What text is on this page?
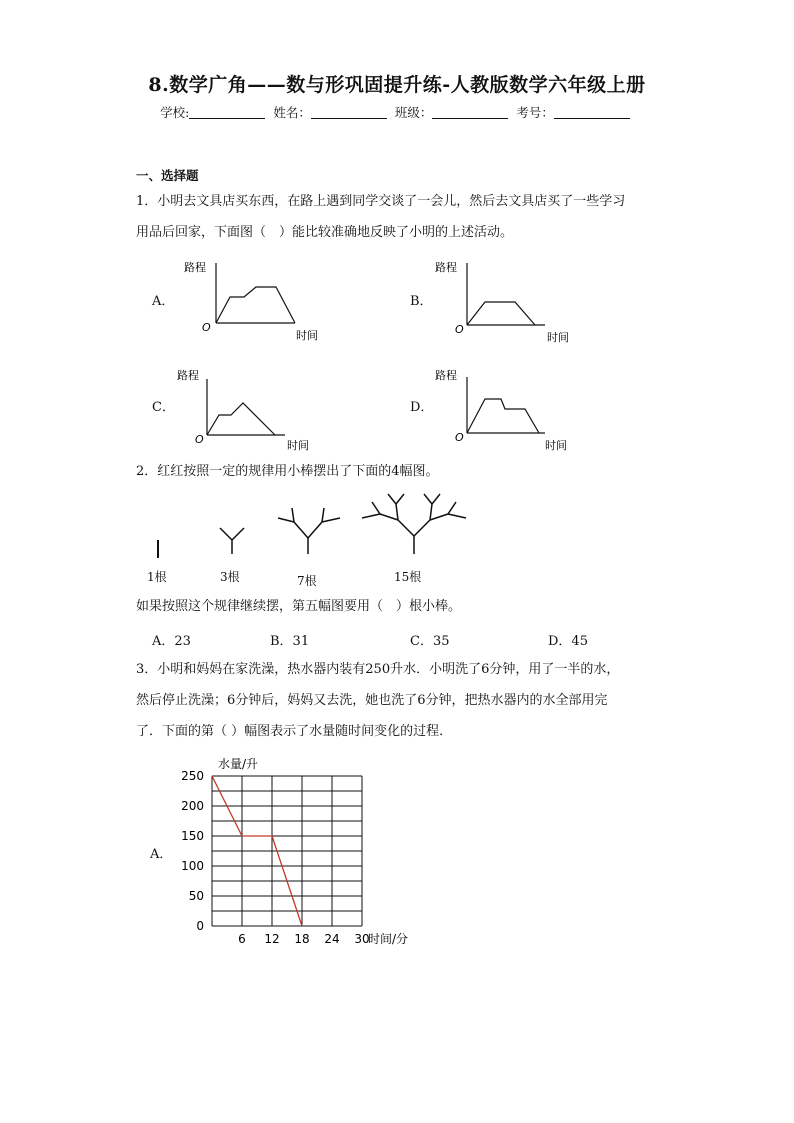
8.数学广角——数与形巩固提升练-人教版数学六年级上册
学校:	姓名：	班级：	考号：
一、选择题
1．小明去文具店买东西，在路上遇到同学交谈了一会儿，然后去文具店买了一些学习
用品后回家，下面图（　）能比较准确地反映了小明的上述活动。
A．	B．
C．	D．
路程
O
时间
路程
O
时间
路程
O	时间
路程
O
时间
2．红红按照一定的规律用小棒摆出了下面的4幅图。
1根	3根	7根	15根
如果按照这个规律继续摆，第五幅图要用（　）根小棒。
A．23	B．31	C．35	D．45
3．小明和妈妈在家洗澡，热水器内装有250升水．小明洗了6分钟，用了一半的水，
然后停止洗澡；6分钟后，妈妈又去洗，她也洗了6分钟，把热水器内的水全部用完
了．下面的第（ ）幅图表示了水量随时间变化的过程．
A．
0
50
100
150
200
250
6 12 18 24 30
水量/升
时间/分
